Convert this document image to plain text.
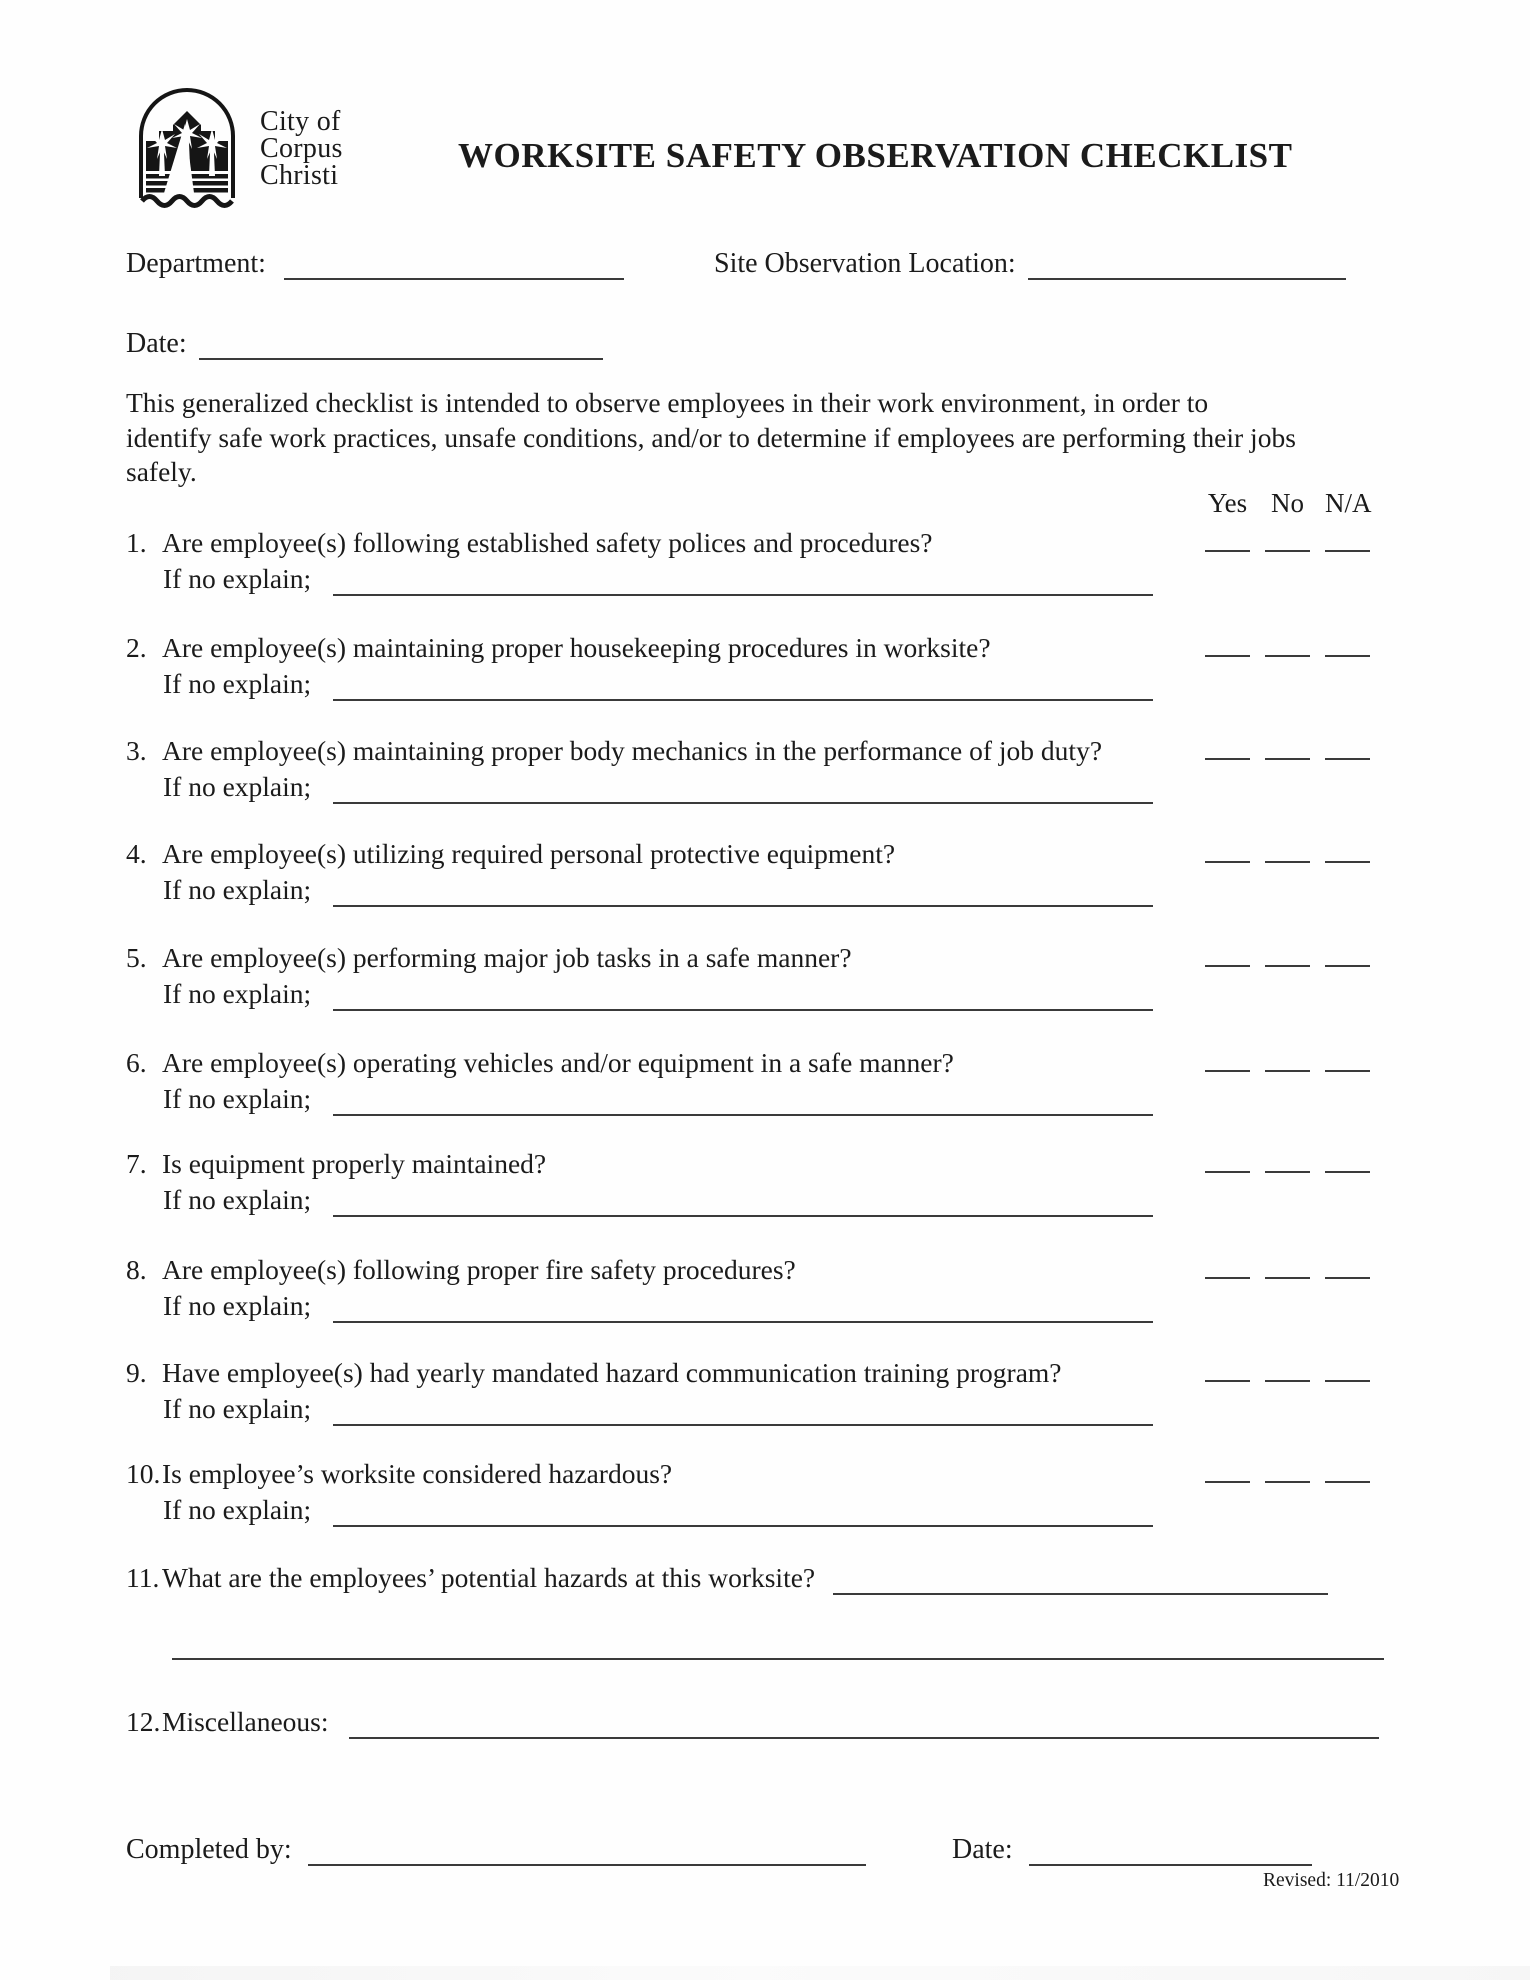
City of
Corpus
Christi
WORKSITE SAFETY OBSERVATION CHECKLIST
Department:	Site Observation Location:
Date:
This generalized checklist is intended to observe employees in their work environment, in order to
identify safe work practices, unsafe conditions, and/or to determine if employees are performing their jobs
safely.
Yes No N/A
1. Are employee(s) following established safety polices and procedures?
If no explain;
2. Are employee(s) maintaining proper housekeeping procedures in worksite?
If no explain;
3. Are employee(s) maintaining proper body mechanics in the performance of job duty?
If no explain;
4. Are employee(s) utilizing required personal protective equipment?
If no explain;
5. Are employee(s) performing major job tasks in a safe manner?
If no explain;
6. Are employee(s) operating vehicles and/or equipment in a safe manner?
If no explain;
7. Is equipment properly maintained?
If no explain;
8. Are employee(s) following proper fire safety procedures?
If no explain;
9. Have employee(s) had yearly mandated hazard communication training program?
If no explain;
10.Is employee’s worksite considered hazardous?
If no explain;
11.What are the employees’ potential hazards at this worksite?
12.Miscellaneous:
Completed by:	Date:
Revised: 11/2010
